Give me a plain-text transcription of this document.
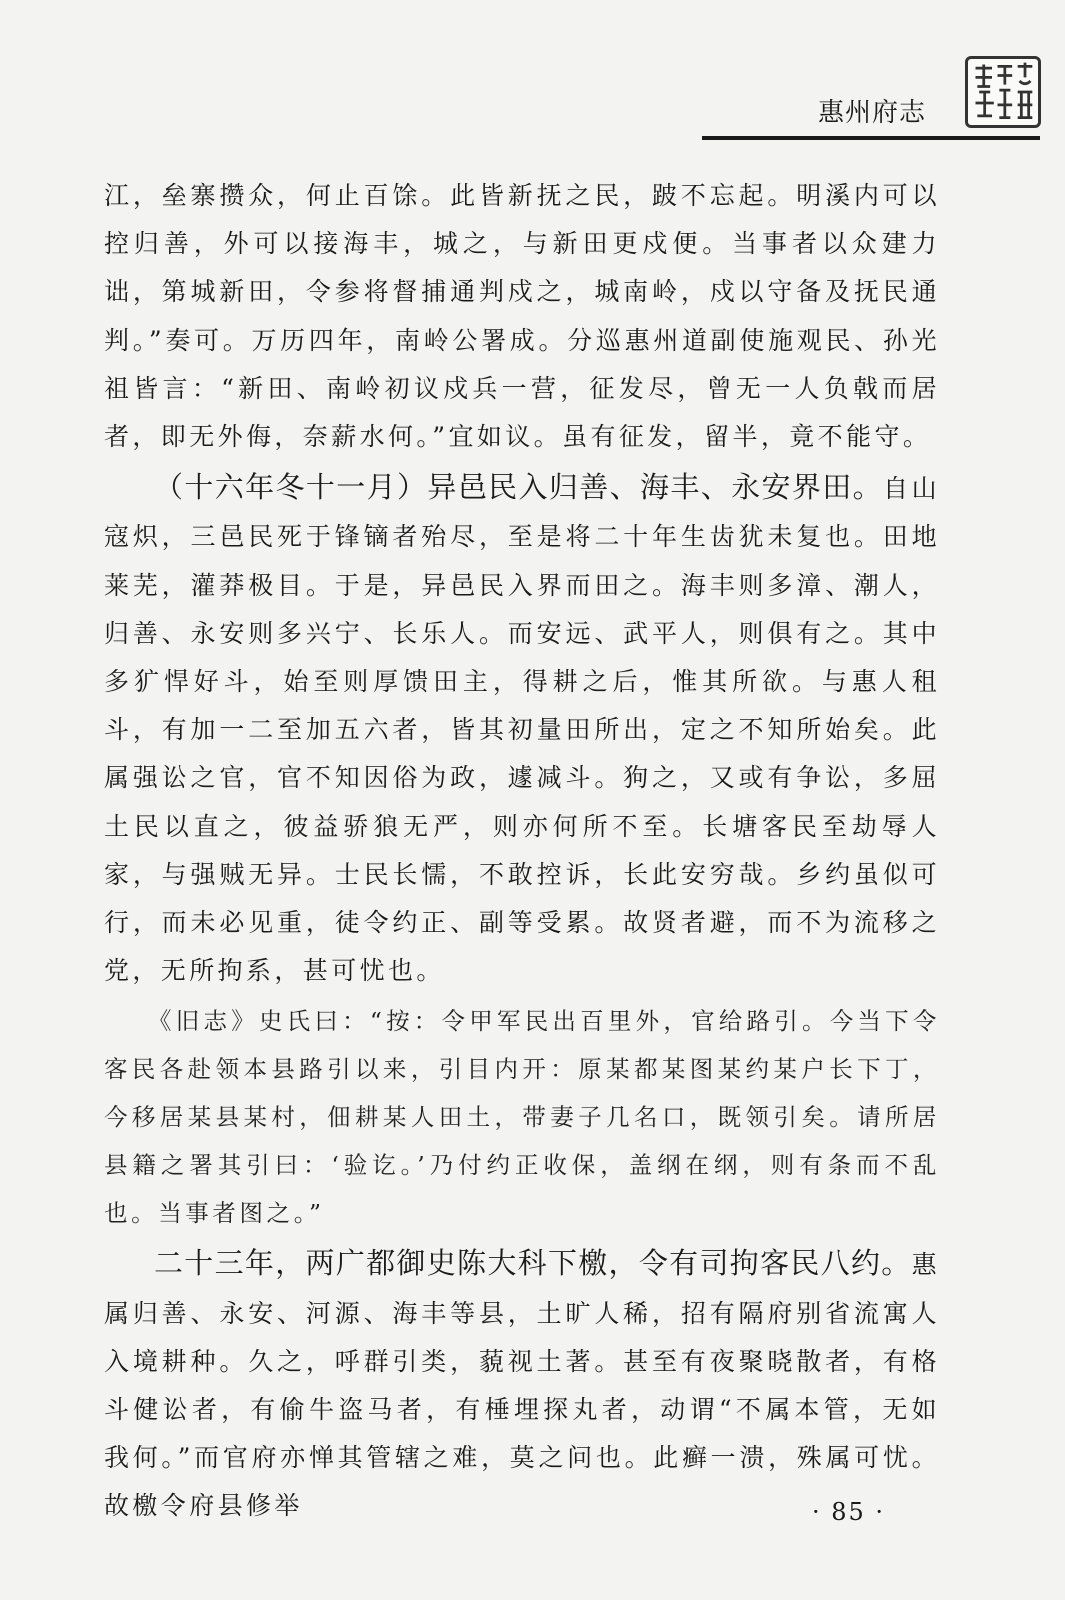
惠州府志

江，垒寨攒众，何止百馀。此皆新抚之民，跛不忘起。明溪内可以控归善，外可以接海丰，城之，与新田更戍便。当事者以众建力诎，第城新田，令参将督捕通判戍之，城南岭，戍以守备及抚民通判。”奏可。万历四年，南岭公署成。分巡惠州道副使施观民、孙光祖皆言：“新田、南岭初议戍兵一营，征发尽，曾无一人负戟而居者，即无外侮，奈薪水何。”宜如议。虽有征发，留半，竟不能守。

（十六年冬十一月）异邑民入归善、海丰、永安界田。自山寇炽，三邑民死于锋镝者殆尽，至是将二十年生齿犹未复也。田地莱芜，灌莽极目。于是，异邑民入界而田之。海丰则多漳、潮人，归善、永安则多兴宁、长乐人。而安远、武平人，则俱有之。其中多犷悍好斗，始至则厚馈田主，得耕之后，惟其所欲。与惠人租斗，有加一二至加五六者，皆其初量田所出，定之不知所始矣。此属强讼之官，官不知因俗为政，遽减斗。狗之，又或有争讼，多屈土民以直之，彼益骄狼无严，则亦何所不至。长塘客民至劫辱人家，与强贼无异。士民长懦，不敢控诉，长此安穷哉。乡约虽似可行，而未必见重，徒令约正、副等受累。故贤者避，而不为流移之党，无所拘系，甚可忧也。

《旧志》史氏曰：“按：令甲军民出百里外，官给路引。今当下令客民各赴领本县路引以来，引目内开：原某都某图某约某户长下丁，今移居某县某村，佃耕某人田土，带妻子几名口，既领引矣。请所居县籍之署其引曰：‘验讫。’乃付约正收保，盖纲在纲，则有条而不乱也。当事者图之。”

二十三年，两广都御史陈大科下檄，令有司拘客民八约。惠属归善、永安、河源、海丰等县，土旷人稀，招有隔府别省流寓人入境耕种。久之，呼群引类，藐视土著。甚至有夜聚晓散者，有格斗健讼者，有偷牛盗马者，有棰埋探丸者，动谓“不属本管，无如我何。”而官府亦惮其管辖之难，莫之问也。此癣一溃，殊属可忧。故檄令府县修举	· 85 ·
